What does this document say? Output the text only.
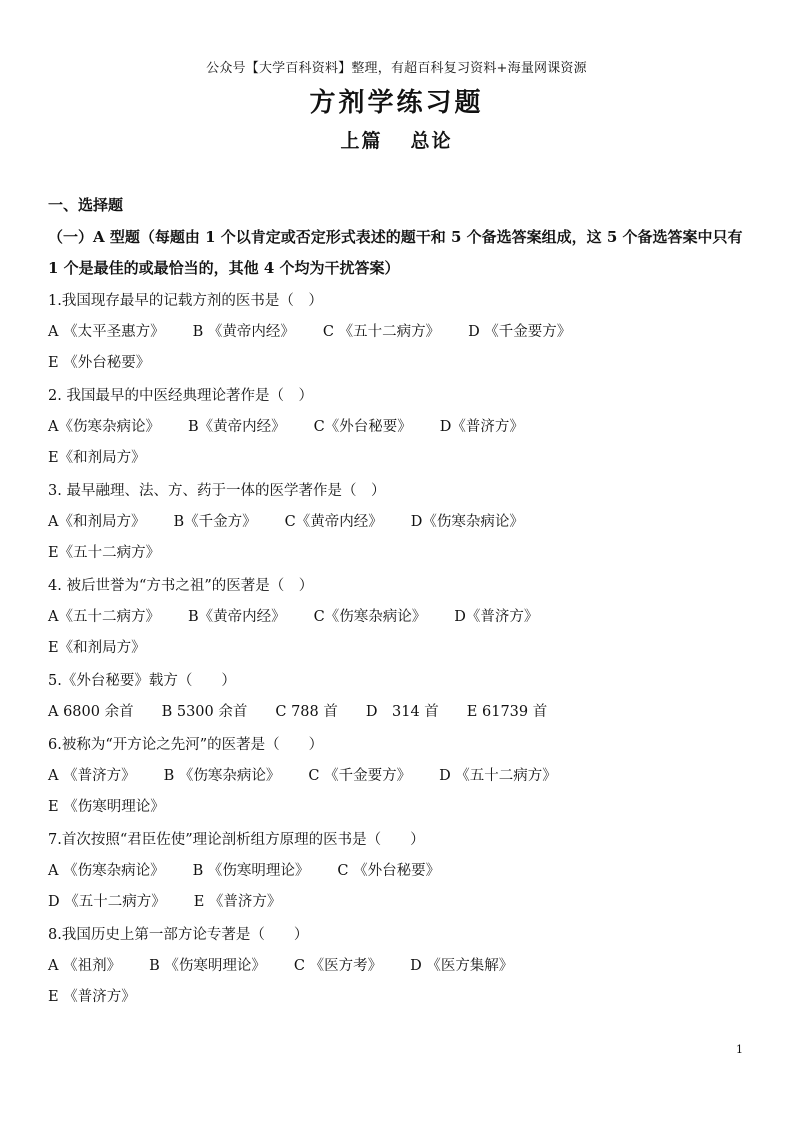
公众号【大学百科资料】整理，有超百科复习资料+海量网课资源
方剂学练习题
上篇 总论
一、选择题
（一）A 型题（每题由 1 个以肯定或否定形式表述的题干和 5 个备选答案组成，这 5 个备选答案中只有 1 个是最佳的或最恰当的，其他 4 个均为干扰答案）
1.我国现存最早的记载方剂的医书是（　）
A 《太平圣惠方》 B 《黄帝内经》 C 《五十二病方》 D 《千金要方》
E 《外台秘要》
2. 我国最早的中医经典理论著作是（　）
A《伤寒杂病论》 B《黄帝内经》 C《外台秘要》 D《普济方》
E《和剂局方》
3. 最早融理、法、方、药于一体的医学著作是（　）
A《和剂局方》 B《千金方》 C《黄帝内经》 D《伤寒杂病论》
E《五十二病方》
4. 被后世誉为“方书之祖”的医著是（　）
A《五十二病方》 B《黄帝内经》 C《伤寒杂病论》 D《普济方》
E《和剂局方》
5.《外台秘要》载方（　　）
A 6800 余首 B 5300 余首 C 788 首 D　314 首 E 61739 首
6.被称为“开方论之先河”的医著是（　　）
A 《普济方》 B 《伤寒杂病论》 C 《千金要方》 D 《五十二病方》
E 《伤寒明理论》
7.首次按照“君臣佐使”理论剖析组方原理的医书是（　　）
A 《伤寒杂病论》 B 《伤寒明理论》 C 《外台秘要》
D 《五十二病方》 E 《普济方》
8.我国历史上第一部方论专著是（　　）
A 《祖剂》 B 《伤寒明理论》 C 《医方考》 D 《医方集解》
E 《普济方》
1
